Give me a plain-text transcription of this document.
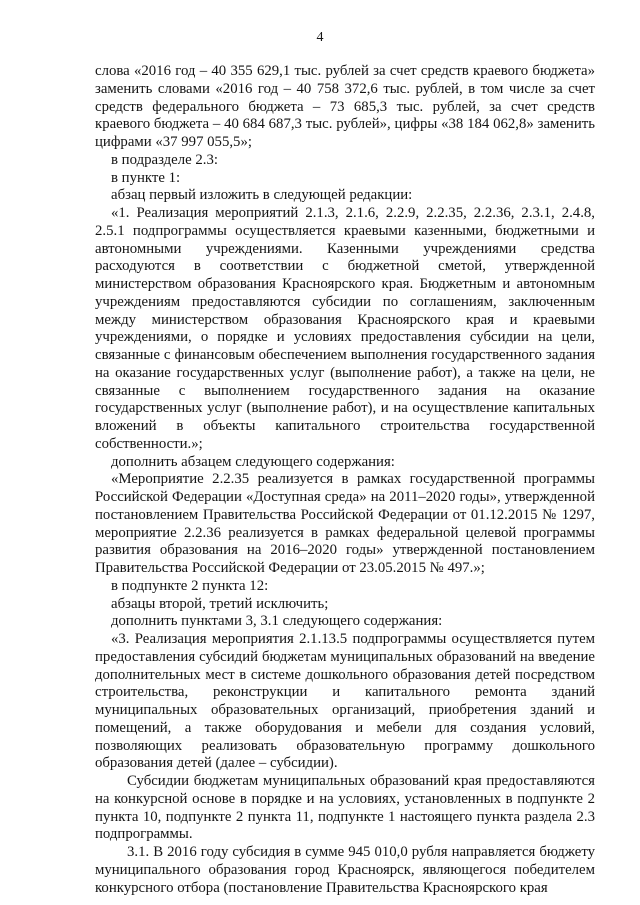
4

слова «2016 год – 40 355 629,1 тыс. рублей за счет средств краевого бюджета» заменить словами «2016 год – 40 758 372,6 тыс. рублей, в том числе за счет средств федерального бюджета – 73 685,3 тыс. рублей, за счет средств краевого бюджета – 40 684 687,3 тыс. рублей», цифры «38 184 062,8» заменить цифрами «37 997 055,5»;

в подразделе 2.3:

в пункте 1:

абзац первый изложить в следующей редакции:

«1. Реализация мероприятий 2.1.3, 2.1.6, 2.2.9, 2.2.35, 2.2.36, 2.3.1, 2.4.8, 2.5.1 подпрограммы осуществляется краевыми казенными, бюджетными и автономными учреждениями. Казенными учреждениями средства расходуются в соответствии с бюджетной сметой, утвержденной министерством образования Красноярского края. Бюджетным и автономным учреждениям предоставляются субсидии по соглашениям, заключенным между министерством образования Красноярского края и краевыми учреждениями, о порядке и условиях предоставления субсидии на цели, связанные с финансовым обеспечением выполнения государственного задания на оказание государственных услуг (выполнение работ), а также на цели, не связанные с выполнением государственного задания на оказание государственных услуг (выполнение работ), и на осуществление капитальных вложений в объекты капитального строительства государственной собственности.»;

дополнить абзацем следующего содержания:

«Мероприятие 2.2.35 реализуется в рамках государственной программы Российской Федерации «Доступная среда» на 2011–2020 годы», утвержденной постановлением Правительства Российской Федерации от 01.12.2015 № 1297, мероприятие 2.2.36 реализуется в рамках федеральной целевой программы развития образования на 2016–2020 годы» утвержденной постановлением Правительства Российской Федерации от 23.05.2015 № 497.»;

в подпункте 2 пункта 12:

абзацы второй, третий исключить;

дополнить пунктами 3, 3.1 следующего содержания:

«3. Реализация мероприятия 2.1.13.5 подпрограммы осуществляется путем предоставления субсидий бюджетам муниципальных образований на введение дополнительных мест в системе дошкольного образования детей посредством строительства, реконструкции и капитального ремонта зданий муниципальных образовательных организаций, приобретения зданий и помещений, а также оборудования и мебели для создания условий, позволяющих реализовать образовательную программу дошкольного образования детей (далее – субсидии).

Субсидии бюджетам муниципальных образований края предоставляются на конкурсной основе в порядке и на условиях, установленных в подпункте 2 пункта 10, подпункте 2 пункта 11, подпункте 1 настоящего пункта раздела 2.3 подпрограммы.

3.1. В 2016 году субсидия в сумме 945 010,0 рубля направляется бюджету муниципального образования город Красноярск, являющегося победителем конкурсного отбора (постановление Правительства Красноярского края
